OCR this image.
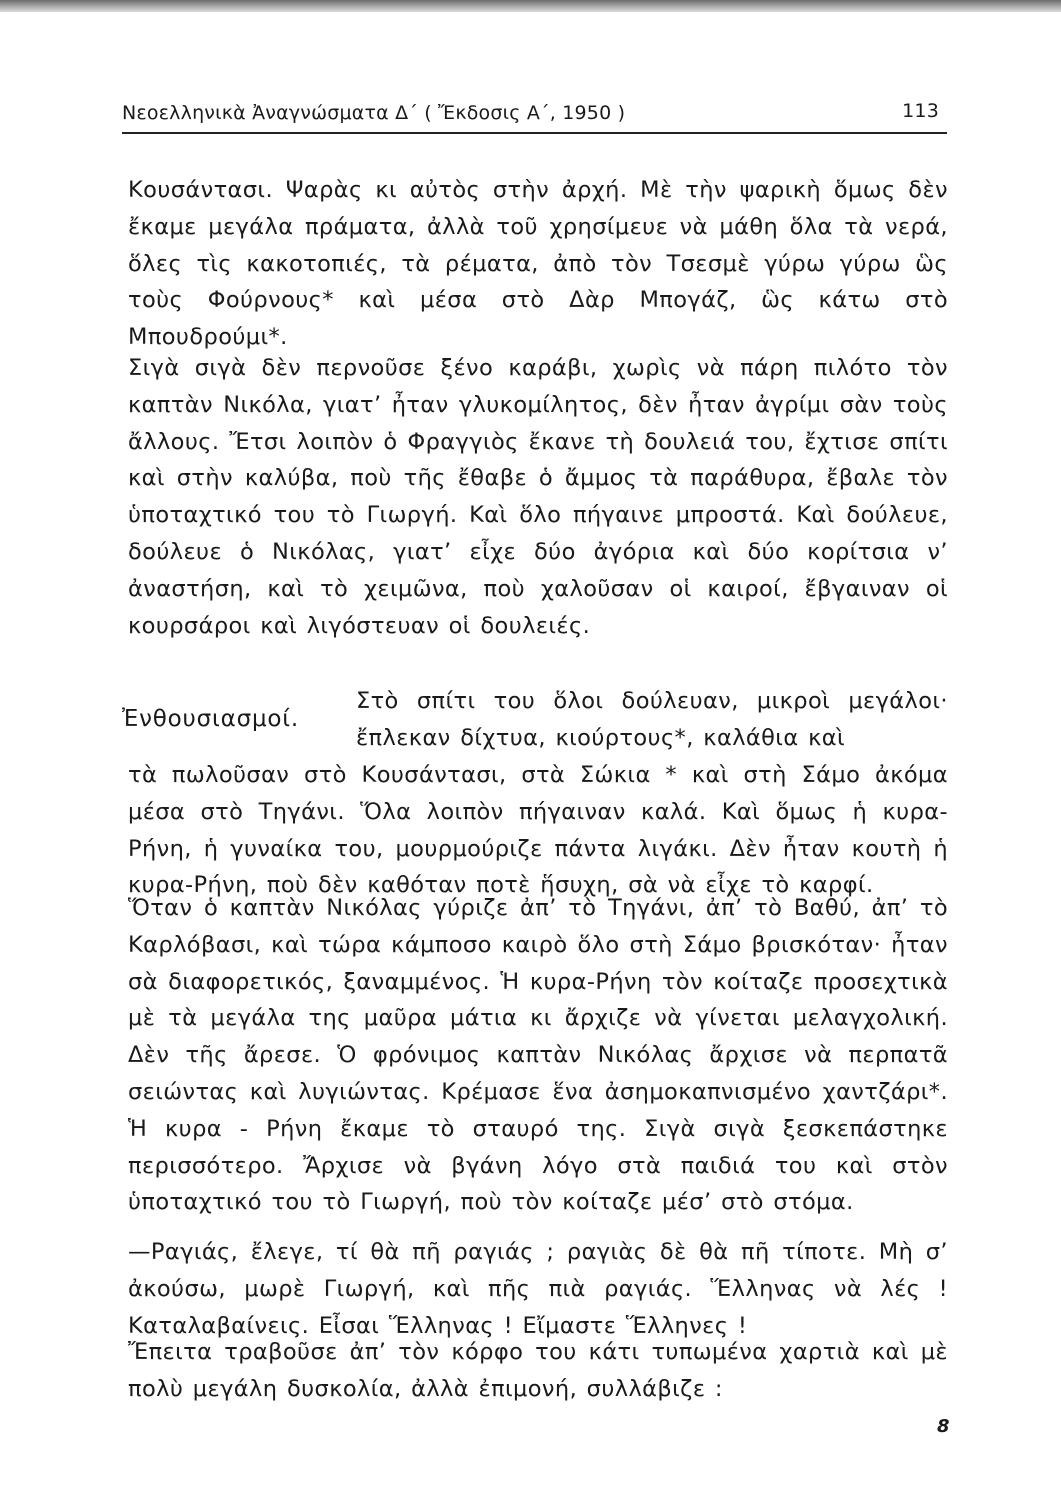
Νεοελληνικὰ Ἀναγνώσματα Δ΄ ( Ἔκδοσις Α΄, 1950 )	113

Κουσάντασι. Ψαρὰς κι αὐτὸς στὴν ἀρχή. Μὲ τὴν ψαρικὴ ὅμως δὲν ἔκαμε μεγάλα πράματα, ἀλλὰ τοῦ χρησίμευε νὰ μάθη ὅλα τὰ νερά, ὅλες τὶς κακοτοπιές, τὰ ρέματα, ἀπὸ τὸν Τσεσμὲ γύρω γύρω ὣς τοὺς Φούρνους* καὶ μέσα στὸ Δὰρ Μπογάζ, ὣς κάτω στὸ Μπουδρούμι*.

Σιγὰ σιγὰ δὲν περνοῦσε ξένο καράβι, χωρὶς νὰ πάρη πιλότο τὸν καπτὰν Νικόλα, γιατ’ ἦταν γλυκομίλητος, δὲν ἦταν ἀγρίμι σὰν τοὺς ἄλλους. Ἔτσι λοιπὸν ὁ Φραγγιὸς ἔκανε τὴ δουλειά του, ἔχτισε σπίτι καὶ στὴν καλύβα, ποὺ τῆς ἔθαβε ὁ ἄμμος τὰ παράθυρα, ἔβαλε τὸν ὑποταχτικό του τὸ Γιωργή. Καὶ ὅλο πήγαινε μπροστά. Καὶ δούλευε, δούλευε ὁ Νικόλας, γιατ’ εἶχε δύο ἀγόρια καὶ δύο κορίτσια ν’ ἀναστήση, καὶ τὸ χειμῶνα, ποὺ χαλοῦσαν οἱ καιροί, ἔβγαιναν οἱ κουρσάροι καὶ λιγόστευαν οἱ δουλειές.

Ἐνθουσιασμοί.

Στὸ σπίτι του ὅλοι δούλευαν, μικροὶ μεγάλοι· ἔπλεκαν δίχτυα, κιούρτους*, καλάθια καὶ

τὰ πωλοῦσαν στὸ Κουσάντασι, στὰ Σώκια * καὶ στὴ Σάμο ἀκόμα μέσα στὸ Τηγάνι. Ὅλα λοιπὸν πήγαιναν καλά. Καὶ ὅμως ἡ κυρα-Ρήνη, ἡ γυναίκα του, μουρμούριζε πάντα λιγάκι. Δὲν ἦταν κουτὴ ἡ κυρα-Ρήνη, ποὺ δὲν καθόταν ποτὲ ἥσυχη, σὰ νὰ εἶχε τὸ καρφί.

Ὅταν ὁ καπτὰν Νικόλας γύριζε ἀπ’ τὸ Τηγάνι, ἀπ’ τὸ Βαθύ, ἀπ’ τὸ Καρλόβασι, καὶ τώρα κάμποσο καιρὸ ὅλο στὴ Σάμο βρισκόταν· ἦταν σὰ διαφορετικός, ξαναμμένος. Ἡ κυρα-Ρήνη τὸν κοίταζε προσεχτικὰ μὲ τὰ μεγάλα της μαῦρα μάτια κι ἄρχιζε νὰ γίνεται μελαγχολική. Δὲν τῆς ἄρεσε. Ὁ φρόνιμος καπτὰν Νικόλας ἄρχισε νὰ περπατᾶ σειώντας καὶ λυγιώντας. Κρέμασε ἕνα ἀσημοκαπνισμένο χαντζάρι*. Ἡ κυρα - Ρήνη ἔκαμε τὸ σταυρό της. Σιγὰ σιγὰ ξεσκεπάστηκε περισσότερο. Ἄρχισε νὰ βγάνη λόγο στὰ παιδιά του καὶ στὸν ὑποταχτικό του τὸ Γιωργή, ποὺ τὸν κοίταζε μέσ’ στὸ στόμα.

—Ραγιάς, ἔλεγε, τί θὰ πῆ ραγιάς ; ραγιὰς δὲ θὰ πῆ τίποτε. Μὴ σ’ ἀκούσω, μωρὲ Γιωργή, καὶ πῆς πιὰ ραγιάς. Ἕλληνας νὰ λές ! Καταλαβαίνεις. Εἶσαι Ἕλληνας ! Εἴμαστε Ἕλληνες !

Ἔπειτα τραβοῦσε ἀπ’ τὸν κόρφο του κάτι τυπωμένα χαρτιὰ καὶ μὲ πολὺ μεγάλη δυσκολία, ἀλλὰ ἐπιμονή, συλλάβιζε :

8
